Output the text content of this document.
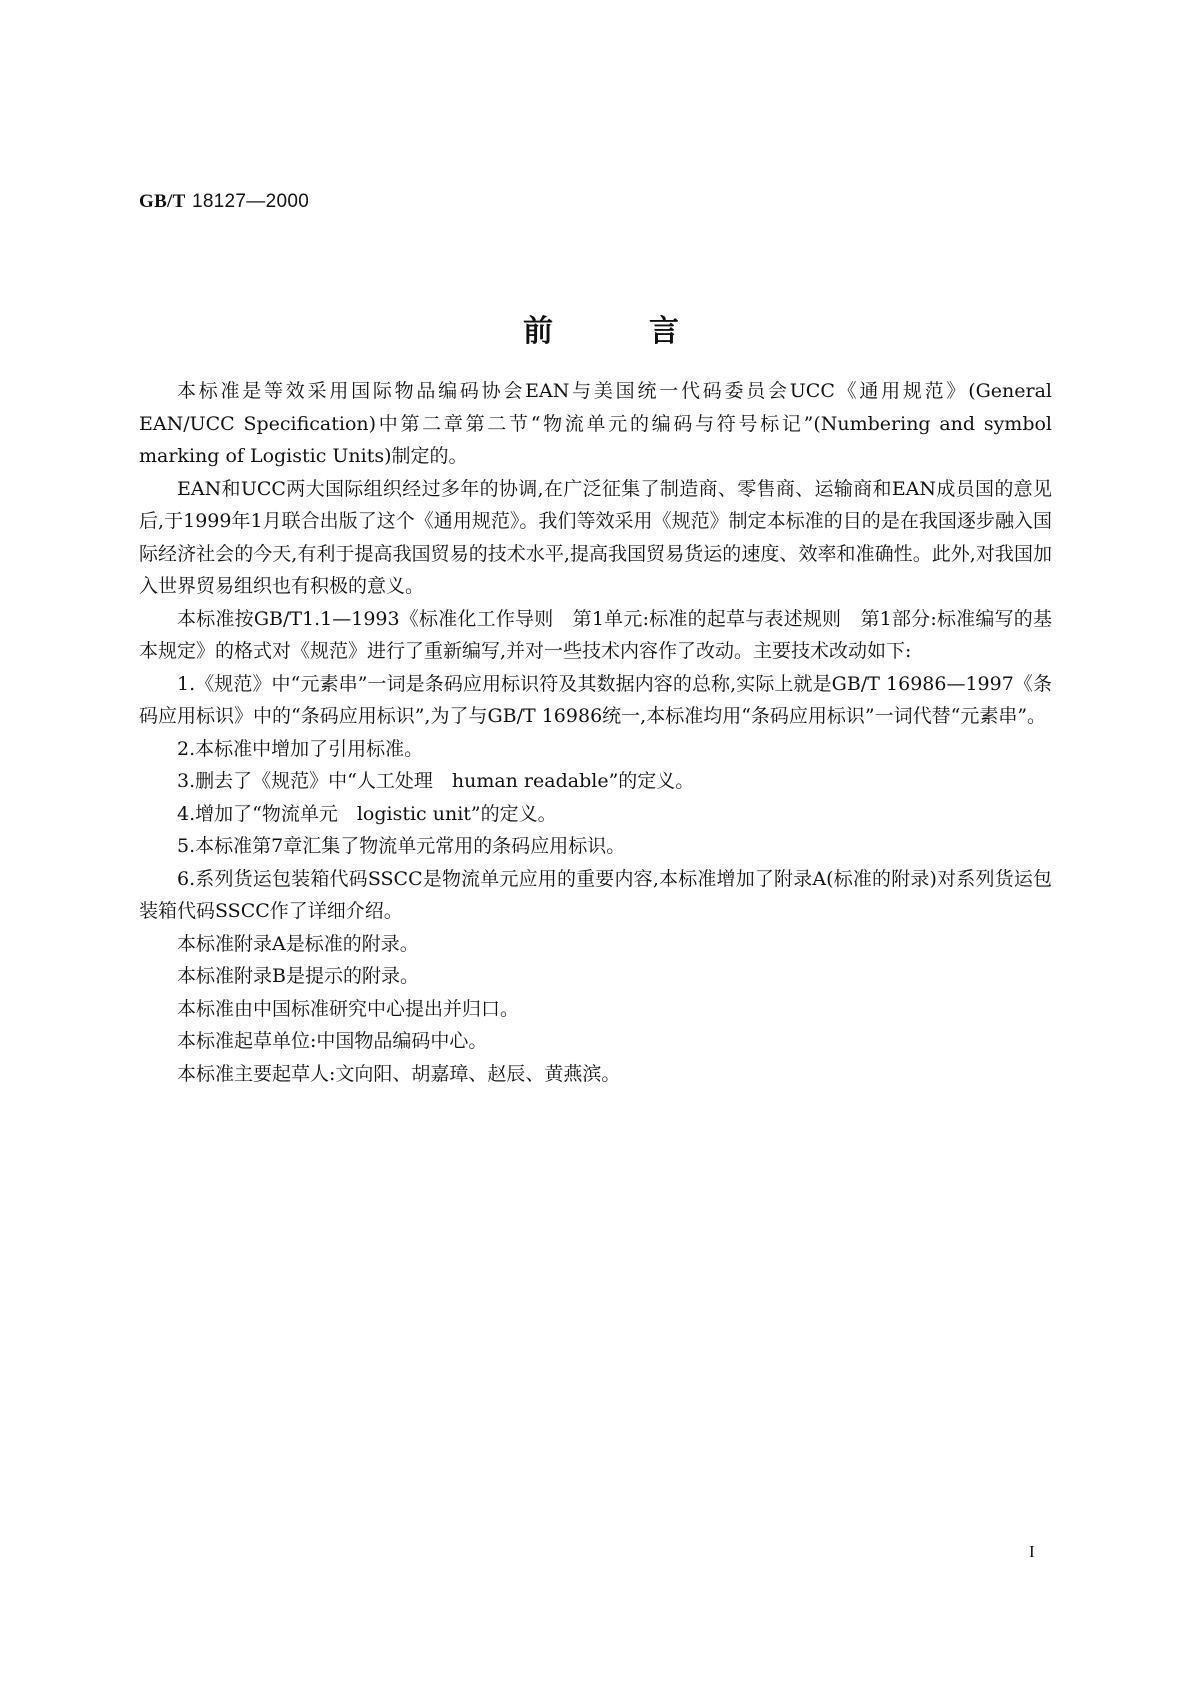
GB/T 18127—2000
前言

本标准是等效采用国际物品编码协会EAN与美国统一代码委员会UCC《通用规范》(General EAN/UCC Specification)中第二章第二节“物流单元的编码与符号标记”(Numbering and symbol marking of Logistic Units)制定的。

EAN和UCC两大国际组织经过多年的协调,在广泛征集了制造商、零售商、运输商和EAN成员国的意见后,于1999年1月联合出版了这个《通用规范》。我们等效采用《规范》制定本标准的目的是在我国逐步融入国际经济社会的今天,有利于提高我国贸易的技术水平,提高我国贸易货运的速度、效率和准确性。此外,对我国加入世界贸易组织也有积极的意义。

本标准按GB/T1.1—1993《标准化工作导则　第1单元:标准的起草与表述规则　第1部分:标准编写的基本规定》的格式对《规范》进行了重新编写,并对一些技术内容作了改动。主要技术改动如下:

1.《规范》中“元素串”一词是条码应用标识符及其数据内容的总称,实际上就是GB/T 16986—1997《条码应用标识》中的“条码应用标识”,为了与GB/T 16986统一,本标准均用“条码应用标识”一词代替“元素串”。

2.本标准中增加了引用标准。

3.删去了《规范》中“人工处理　human readable”的定义。

4.增加了“物流单元　logistic unit”的定义。

5.本标准第7章汇集了物流单元常用的条码应用标识。

6.系列货运包装箱代码SSCC是物流单元应用的重要内容,本标准增加了附录A(标准的附录)对系列货运包装箱代码SSCC作了详细介绍。

本标准附录A是标准的附录。

本标准附录B是提示的附录。

本标准由中国标准研究中心提出并归口。

本标准起草单位:中国物品编码中心。

本标准主要起草人:文向阳、胡嘉璋、赵辰、黄燕滨。

I
